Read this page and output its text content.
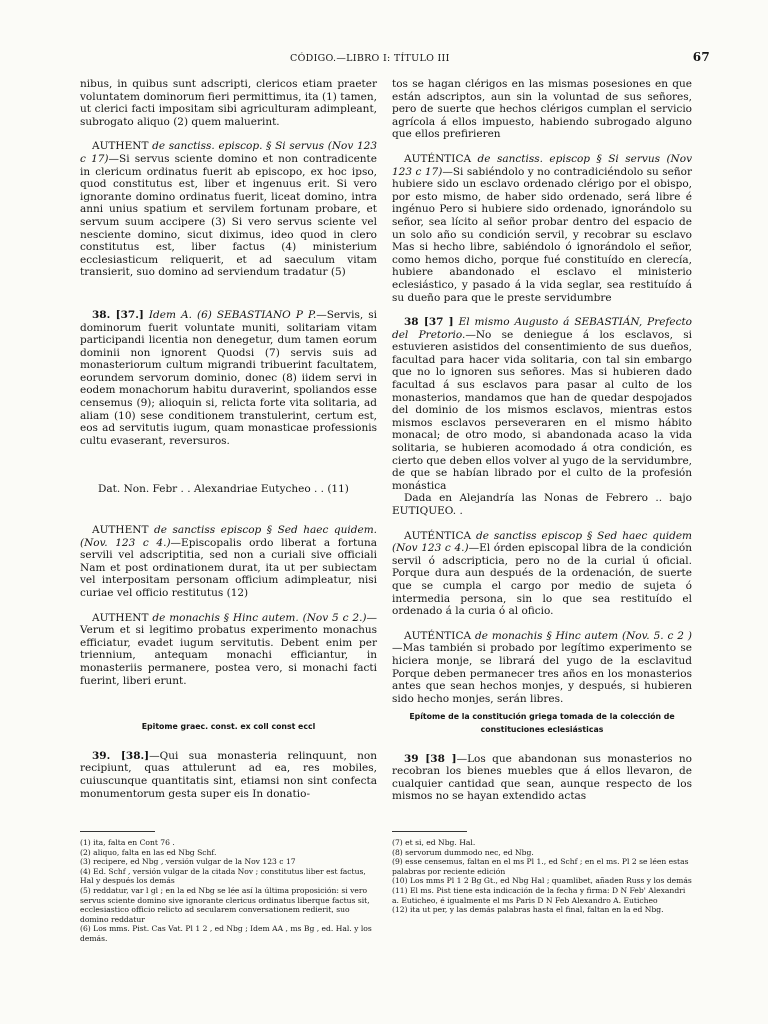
CÓDIGO.—LIBRO I: TÍTULO III	67

nibus, in quibus sunt adscripti, clericos etiam praeter voluntatem dominorum fieri permittimus, ita (1) tamen, ut clerici facti impositam sibi agriculturam adimpleant, subrogato aliquo (2) quem maluerint.

AUTHENT de sanctiss. episcop. § Si servus (Nov 123 c 17)—Si servus sciente domino et non contradicente in clericum ordinatus fuerit ab episcopo, ex hoc ipso, quod constitutus est, liber et ingenuus erit. Si vero ignorante domino ordinatus fuerit, liceat domino, intra anni unius spatium et servilem fortunam probare, et servum suum accipere (3) Si vero servus sciente vel nesciente domino, sicut diximus, ideo quod in clero constitutus est, liber factus (4) ministerium ecclesiasticum reliquerit, et ad saeculum vitam transierit, suo domino ad serviendum tradatur (5)

38. [37.] Idem A. (6) SEBASTIANO P P.—Servis, si dominorum fuerit voluntate muniti, solitariam vitam participandi licentia non denegetur, dum tamen eorum dominii non ignorent Quodsi (7) servis suis ad monasteriorum cultum migrandi tribuerint facultatem, eorundem servorum dominio, donec (8) iidem servi in eodem monachorum habitu duraverint, spoliandos esse censemus (9); alioquin si, relicta forte vita solitaria, ad aliam (10) sese conditionem transtulerint, certum est, eos ad servitutis iugum, quam monasticae professionis cultu evaserant, reversuros.

Dat. Non. Febr . . Alexandriae Eutycheo . . (11)

AUTHENT de sanctiss episcop § Sed haec quidem. (Nov. 123 c 4.)—Episcopalis ordo liberat a fortuna servili vel adscriptitia, sed non a curiali sive officiali Nam et post ordinationem durat, ita ut per subiectam vel interpositam personam officium adimpleatur, nisi curiae vel officio restitutus (12)

AUTHENT de monachis § Hinc autem. (Nov 5 c 2.)—Verum et si legitimo probatus experimento monachus efficiatur, evadet iugum servitutis. Debent enim per triennium, antequam monachi efficiantur, in monasteriis permanere, postea vero, si monachi facti fuerint, liberi erunt.

Epitome graec. const. ex coll const eccl

39. [38.]—Qui sua monasteria relinquunt, non recipiunt, quas attulerunt ad ea, res mobiles, cuiuscunque quantitatis sint, etiamsi non sint confecta monumentorum gesta super eis In donatio-

tos se hagan clérigos en las mismas posesiones en que están adscriptos, aun sin la voluntad de sus señores, pero de suerte que hechos clérigos cumplan el servicio agrícola á ellos impuesto, habiendo subrogado alguno que ellos prefirieren

AUTÉNTICA de sanctiss. episcop § Si servus (Nov 123 c 17)—Si sabiéndolo y no contradiciéndolo su señor hubiere sido un esclavo ordenado clérigo por el obispo, por esto mismo, de haber sido ordenado, será libre é ingénuo Pero si hubiere sido ordenado, ignorándolo su señor, sea lícito al señor probar dentro del espacio de un solo año su condición servil, y recobrar su esclavo Mas si hecho libre, sabiéndolo ó ignorándolo el señor, como hemos dicho, porque fué constituído en clerecía, hubiere abandonado el esclavo el ministerio eclesiástico, y pasado á la vida seglar, sea restituído á su dueño para que le preste servidumbre

38 [37 ] El mismo Augusto á SEBASTIÁN, Prefecto del Pretorio.—No se deniegue á los esclavos, si estuvieren asistidos del consentimiento de sus dueños, facultad para hacer vida solitaria, con tal sin embargo que no lo ignoren sus señores. Mas si hubieren dado facultad á sus esclavos para pasar al culto de los monasterios, mandamos que han de quedar despojados del dominio de los mismos esclavos, mientras estos mismos esclavos perseveraren en el mismo hábito monacal; de otro modo, si abandonada acaso la vida solitaria, se hubieren acomodado á otra condición, es cierto que deben ellos volver al yugo de la servidumbre, de que se habían librado por el culto de la profesión monástica

Dada en Alejandría las Nonas de Febrero .. bajo EUTIQUEO. .

AUTÉNTICA de sanctiss episcop § Sed haec quidem (Nov 123 c 4.)—El órden episcopal libra de la condición servil ó adscripticia, pero no de la curial ú oficial. Porque dura aun después de la ordenación, de suerte que se cumpla el cargo por medio de sujeta ó intermedia persona, sin lo que sea restituído el ordenado á la curia ó al oficio.

AUTÉNTICA de monachis § Hinc autem (Nov. 5. c 2 )—Mas también si probado por legítimo experimento se hiciera monje, se librará del yugo de la esclavitud Porque deben permanecer tres años en los monasterios antes que sean hechos monjes, y después, si hubieren sido hecho monjes, serán libres.

Epítome de la constitución griega tomada de la colección de constituciones eclesiásticas

39 [38 ]—Los que abandonan sus monasterios no recobran los bienes muebles que á ellos llevaron, de cualquier cantidad que sean, aunque respecto de los mismos no se hayan extendido actas

(1) ita, falta en Cont 76 .

(2) aliquo, falta en las ed Nbg Schf.

(3) recipere, ed Nbg , versión vulgar de la Nov 123 c 17

(4) Ed. Schf , versión vulgar de la citada Nov ; constitutus liber est factus, Hal y después los demás

(5) reddatur, var l gl ; en la ed Nbg se lée así la última proposición: si vero servus sciente domino sive ignorante clericus ordinatus liberque factus sit, ecclesiastico officio relicto ad secularem conversationem redierit, suo domino reddatur

(6) Los mms. Pist. Cas Vat. Pl 1 2 , ed Nbg ; Idem AA , ms Bg , ed. Hal. y los demás.

(7) et si, ed Nbg. Hal.

(8) servorum dummodo nec, ed Nbg.

(9) esse censemus, faltan en el ms Pl 1., ed Schf ; en el ms. Pl 2 se léen estas palabras por reciente edición

(10) Los mms Pl 1 2 Bg Gt., ed Nbg Hal ; quamlibet, añaden Russ y los demás

(11) El ms. Pist tiene esta indicación de la fecha y firma: D N Feb' Alexandri a. Euticheo, é igualmente el ms Paris D N Feb Alexandro A. Euticheo

(12) ita ut per, y las demás palabras hasta el final, faltan en la ed Nbg.
